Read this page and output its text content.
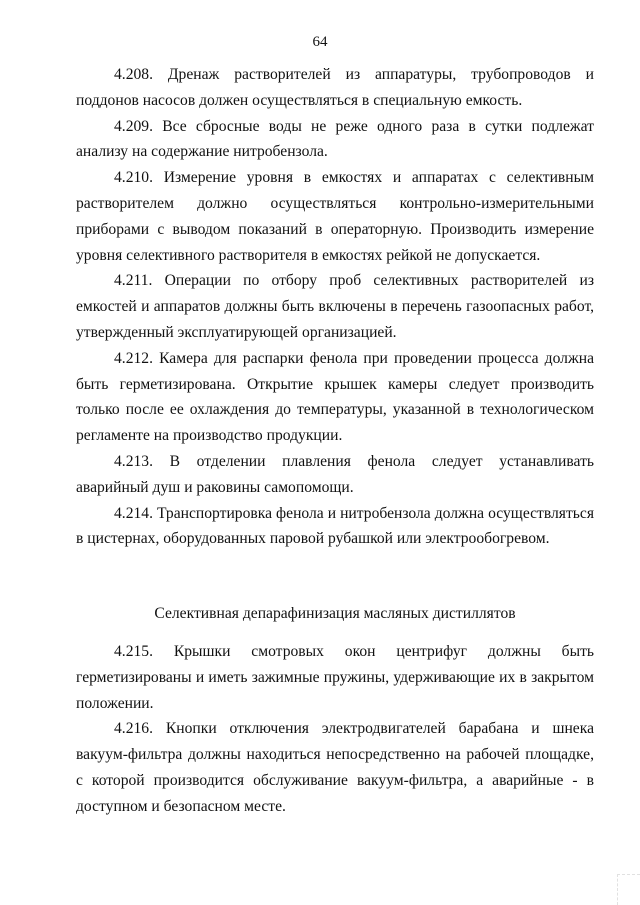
64

4.208. Дренаж растворителей из аппаратуры, трубопроводов и поддонов насосов должен осуществляться в специальную емкость.

4.209. Все сбросные воды не реже одного раза в сутки подлежат анализу на содержание нитробензола.

4.210. Измерение уровня в емкостях и аппаратах с селективным растворителем должно осуществляться контрольно-измерительными приборами с выводом показаний в операторную. Производить измерение уровня селективного растворителя в емкостях рейкой не допускается.

4.211. Операции по отбору проб селективных растворителей из емкостей и аппаратов должны быть включены в перечень газоопасных работ, утвержденный эксплуатирующей организацией.

4.212. Камера для распарки фенола при проведении процесса должна быть герметизирована. Открытие крышек камеры следует производить только после ее охлаждения до температуры, указанной в технологическом регламенте на производство продукции.

4.213. В отделении плавления фенола следует устанавливать аварийный душ и раковины самопомощи.

4.214. Транспортировка фенола и нитробензола должна осуществляться в цистернах, оборудованных паровой рубашкой или электрообогревом.

Селективная депарафинизация масляных дистиллятов

4.215. Крышки смотровых окон центрифуг должны быть герметизированы и иметь зажимные пружины, удерживающие их в закрытом положении.

4.216. Кнопки отключения электродвигателей барабана и шнека вакуум-фильтра должны находиться непосредственно на рабочей площадке, с которой производится обслуживание вакуум-фильтра, а аварийные - в доступном и безопасном месте.
